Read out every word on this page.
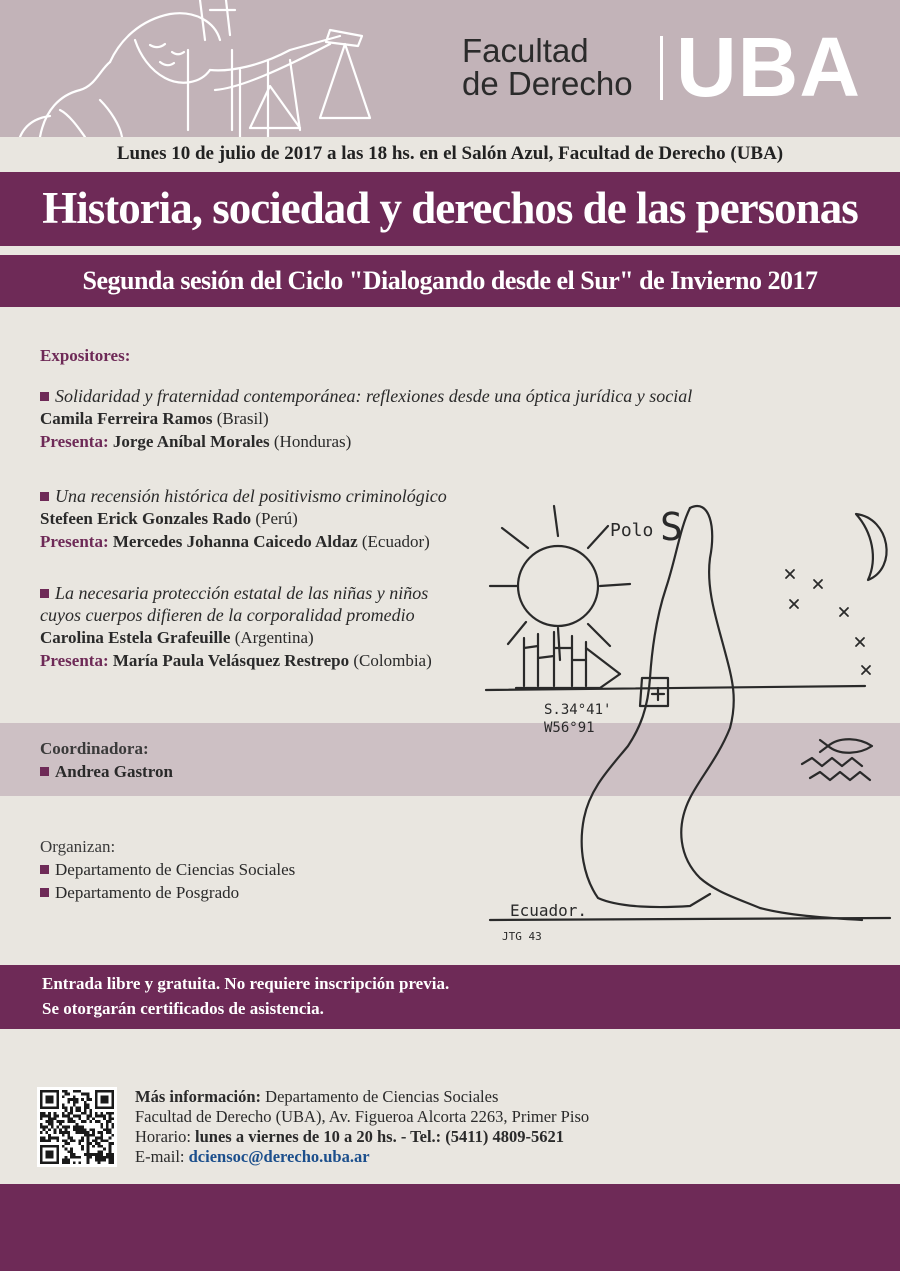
Facultad
de Derecho UBA
Lunes 10 de julio de 2017 a las 18 hs. en el Salón Azul, Facultad de Derecho (UBA)
Historia, sociedad y derechos de las personas
Segunda sesión del Ciclo "Dialogando desde el Sur" de Invierno 2017
Polo S
S.34°41'
W56°91
Ecuador.
JTG 43
Expositores:
Solidaridad y fraternidad contemporánea: reflexiones desde una óptica jurídica y social
Camila Ferreira Ramos (Brasil)
Presenta: Jorge Aníbal Morales (Honduras)
Una recensión histórica del positivismo criminológico
Stefeen Erick Gonzales Rado (Perú)
Presenta: Mercedes Johanna Caicedo Aldaz (Ecuador)
La necesaria protección estatal de las niñas y niños
cuyos cuerpos difieren de la corporalidad promedio
Carolina Estela Grafeuille (Argentina)
Presenta: María Paula Velásquez Restrepo (Colombia)
Coordinadora:
Andrea Gastron
Organizan:
Departamento de Ciencias Sociales
Departamento de Posgrado
Entrada libre y gratuita. No requiere inscripción previa.
Se otorgarán certificados de asistencia.
Más información: Departamento de Ciencias Sociales
Facultad de Derecho (UBA), Av. Figueroa Alcorta 2263, Primer Piso
Horario: lunes a viernes de 10 a 20 hs. - Tel.: (5411) 4809-5621
E-mail: dciensoc@derecho.uba.ar
